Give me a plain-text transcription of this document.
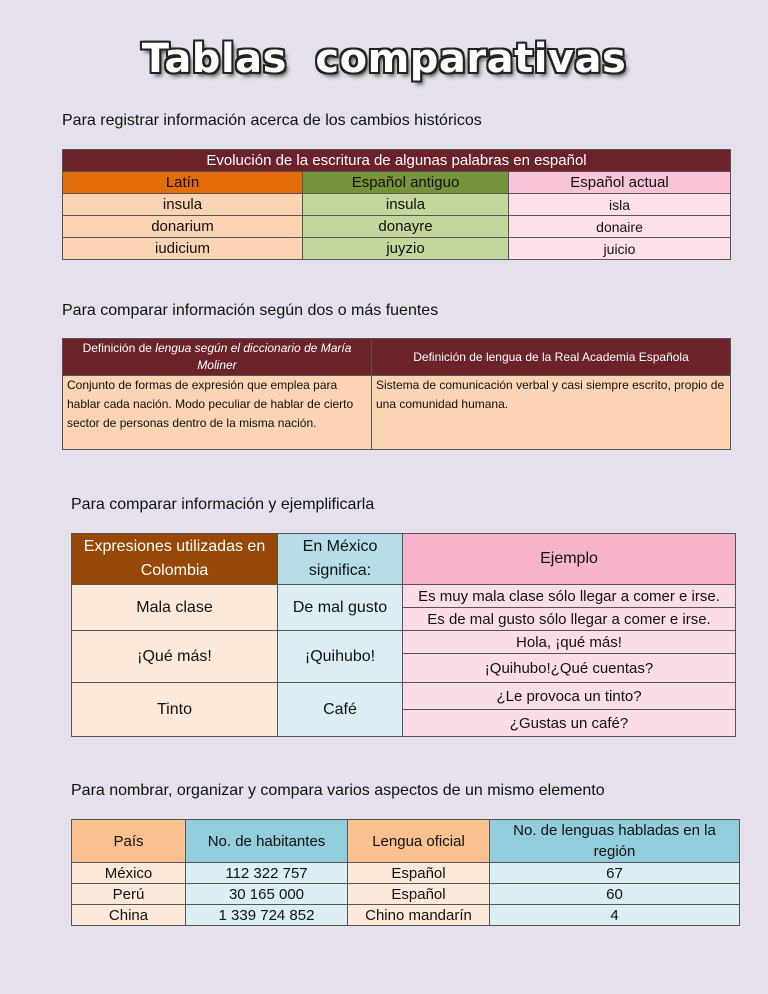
Tablas comparativas
Para registrar información acerca de los cambios históricos
Evolución de la escritura de algunas palabras en español		
Latín	Español antiguo	Español actual
insula	insula	isla
donarium	donayre	donaire
iudicium	juyzio	juicio
Para comparar información según dos o más fuentes
Definición de lengua según el diccionario de María Moliner	Definición de lengua de la Real Academia Española
Conjunto de formas de expresión que emplea para hablar cada nación. Modo peculiar de hablar de cierto sector de personas dentro de la misma nación.	Sistema de comunicación verbal y casi siempre escrito, propio de una comunidad humana.
Para comparar información y ejemplificarla
Expresiones utilizadas en Colombia	En México significa:	Ejemplo
Mala clase	De mal gusto	Es muy mala clase sólo llegar a comer e irse.
		Es de mal gusto sólo llegar a comer e irse.
¡Qué más!	¡Quihubo!	Hola, ¡qué más!
		¡Quihubo!¿Qué cuentas?
Tinto	Café	¿Le provoca un tinto?
		¿Gustas un café?
Para nombrar, organizar y compara varios aspectos de un mismo elemento
País	No. de habitantes	Lengua oficial	No. de lenguas habladas en la región
México	112 322 757	Español	67
Perú	30 165 000	Español	60
China	1 339 724 852	Chino mandarín	4
